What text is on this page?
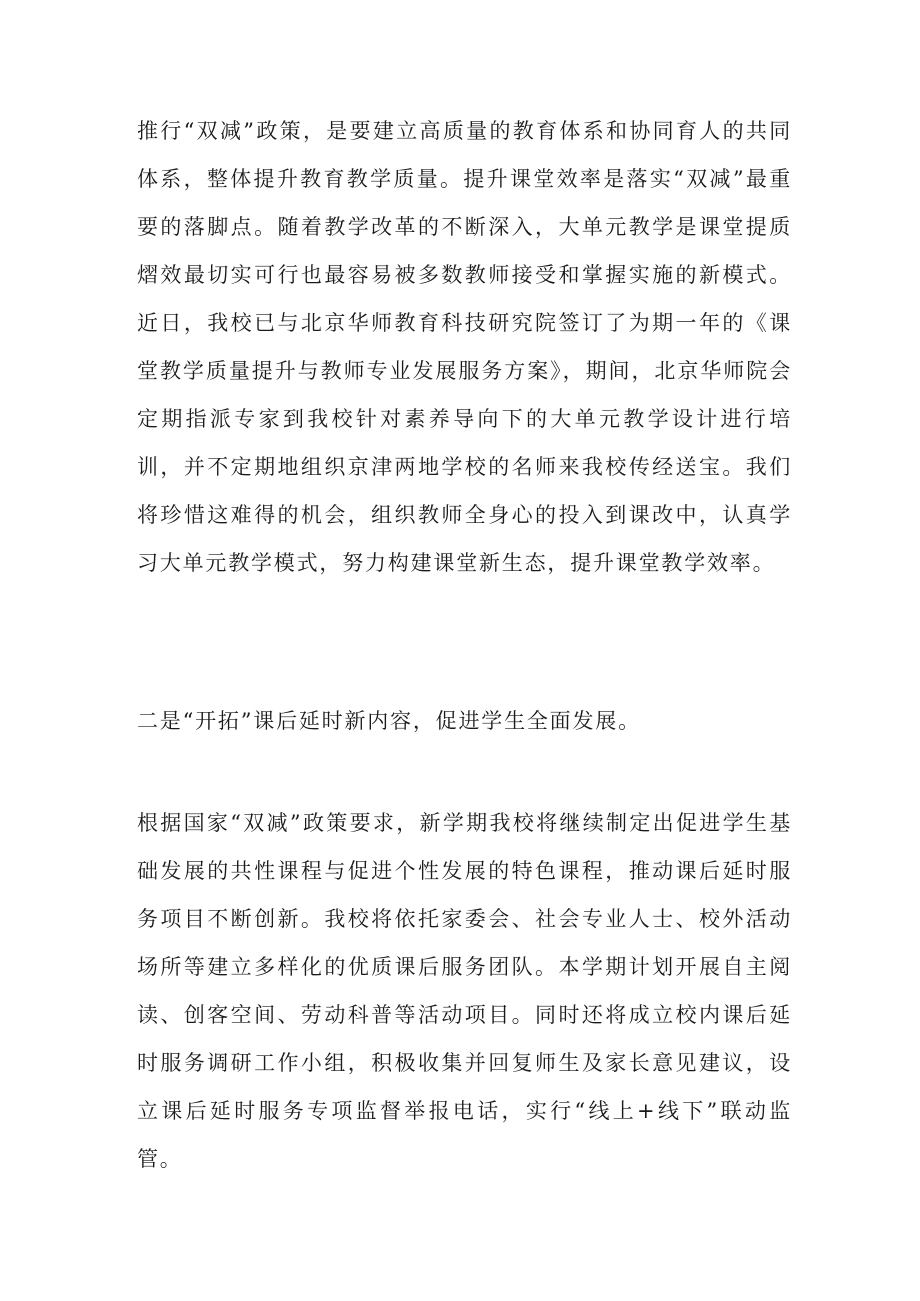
推行“双减”政策，是要建立高质量的教育体系和协同育人的共同体系，整体提升教育教学质量。提升课堂效率是落实“双减”最重要的落脚点。随着教学改革的不断深入，大单元教学是课堂提质熠效最切实可行也最容易被多数教师接受和掌握实施的新模式。近日，我校已与北京华师教育科技研究院签订了为期一年的《课堂教学质量提升与教师专业发展服务方案》，期间，北京华师院会定期指派专家到我校针对素养导向下的大单元教学设计进行培训，并不定期地组织京津两地学校的名师来我校传经送宝。我们将珍惜这难得的机会，组织教师全身心的投入到课改中，认真学习大单元教学模式，努力构建课堂新生态，提升课堂教学效率。

二是“开拓”课后延时新内容，促进学生全面发展。

根据国家“双减”政策要求，新学期我校将继续制定出促进学生基础发展的共性课程与促进个性发展的特色课程，推动课后延时服务项目不断创新。我校将依托家委会、社会专业人士、校外活动场所等建立多样化的优质课后服务团队。本学期计划开展自主阅读、创客空间、劳动科普等活动项目。同时还将成立校内课后延时服务调研工作小组，积极收集并回复师生及家长意见建议，设立课后延时服务专项监督举报电话，实行“线上+线下”联动监管。
